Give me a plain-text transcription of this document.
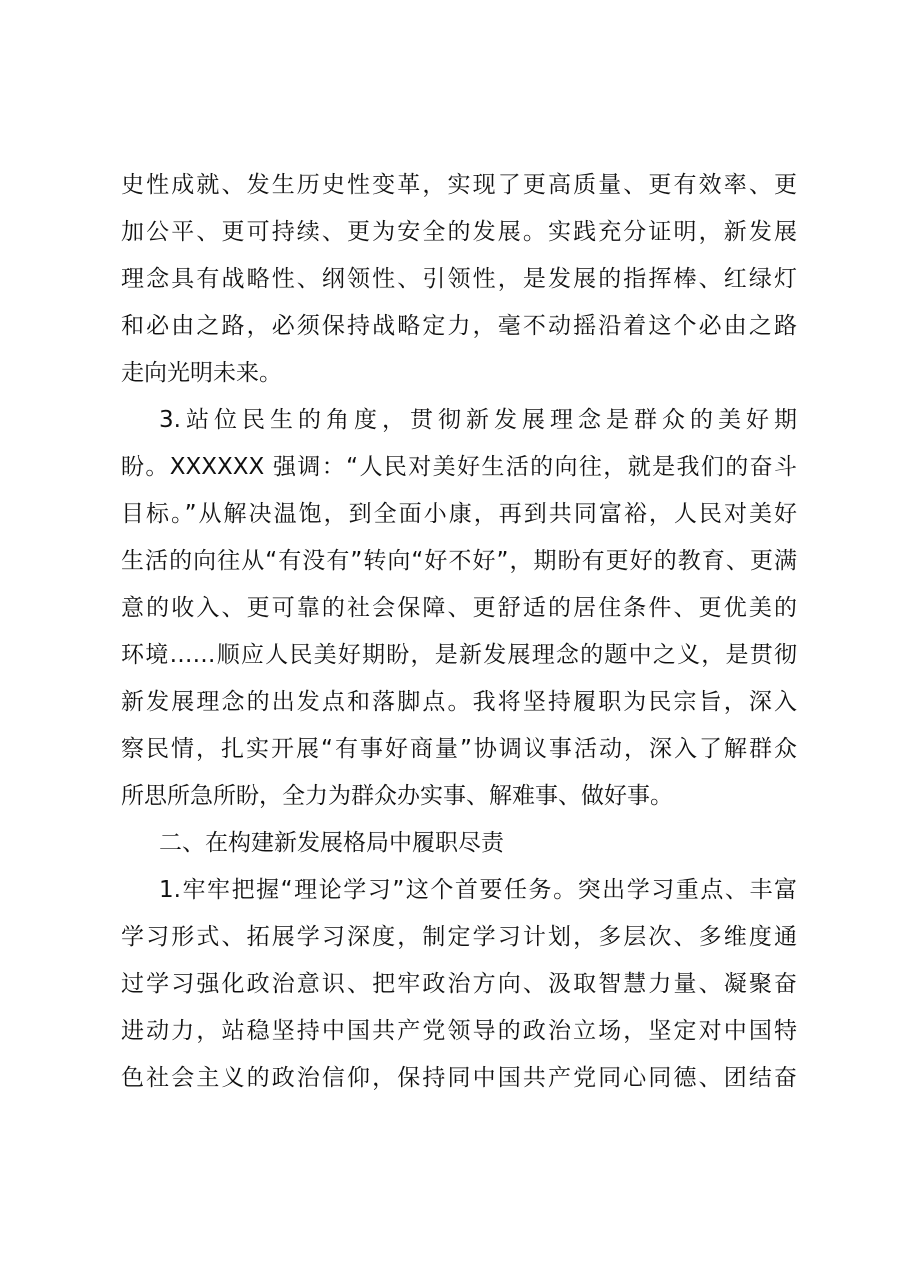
史性成就、发生历史性变革，实现了更高质量、更有效率、更
加公平、更可持续、更为安全的发展。实践充分证明，新发展
理念具有战略性、纲领性、引领性，是发展的指挥棒、红绿灯
和必由之路，必须保持战略定力，毫不动摇沿着这个必由之路
走向光明未来。
3.站位民生的角度，贯彻新发展理念是群众的美好期
盼。XXXXXX 强调：“人民对美好生活的向往，就是我们的奋斗
目标。”从解决温饱，到全面小康，再到共同富裕，人民对美好
生活的向往从“有没有”转向“好不好”，期盼有更好的教育、更满
意的收入、更可靠的社会保障、更舒适的居住条件、更优美的
环境……顺应人民美好期盼，是新发展理念的题中之义，是贯彻
新发展理念的出发点和落脚点。我将坚持履职为民宗旨，深入
察民情，扎实开展“有事好商量”协调议事活动，深入了解群众
所思所急所盼，全力为群众办实事、解难事、做好事。
二、在构建新发展格局中履职尽责
1.牢牢把握“理论学习”这个首要任务。突出学习重点、丰富
学习形式、拓展学习深度，制定学习计划，多层次、多维度通
过学习强化政治意识、把牢政治方向、汲取智慧力量、凝聚奋
进动力，站稳坚持中国共产党领导的政治立场，坚定对中国特
色社会主义的政治信仰，保持同中国共产党同心同德、团结奋
